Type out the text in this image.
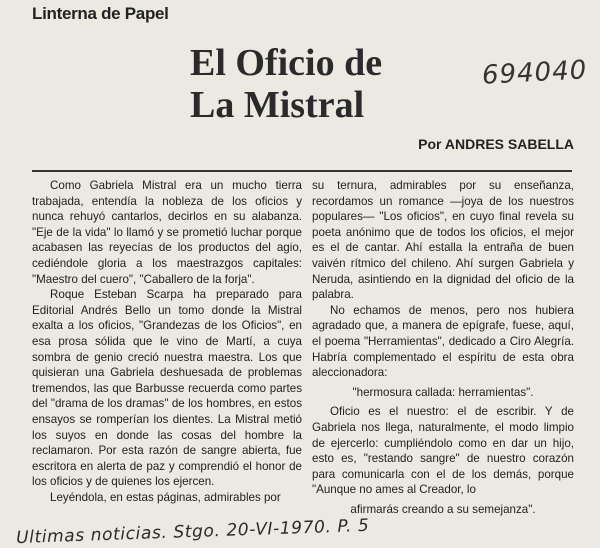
Linterna de Papel
El Oficio de
La Mistral
694040
Por ANDRES SABELLA

Como Gabriela Mistral era un mucho tierra trabajada, entendía la nobleza de los oficios y nunca rehuyó cantarlos, decirlos en su alabanza. "Eje de la vida" lo llamó y se prometió luchar porque acabasen las reyecías de los productos del agio, cediéndole gloria a los maestrazgos capitales: "Maestro del cuero", "Caballero de la forja".

Roque Esteban Scarpa ha preparado para Editorial Andrés Bello un tomo donde la Mistral exalta a los oficios, "Grandezas de los Oficios", en esa prosa sólida que le vino de Martí, a cuya sombra de genio creció nuestra maestra. Los que quisieran una Gabriela deshuesada de problemas tremendos, las que Barbusse recuerda como partes del "drama de los dramas" de los hombres, en estos ensayos se romperían los dientes. La Mistral metió los suyos en donde las cosas del hombre la reclamaron. Por esta razón de sangre abierta, fue escritora en alerta de paz y comprendió el honor de los oficios y de quienes los ejercen.

Leyéndola, en estas páginas, admirables por

su ternura, admirables por su enseñanza, recordamos un romance —joya de los nuestros populares— "Los oficios", en cuyo final revela su poeta anónimo que de todos los oficios, el mejor es el de cantar. Ahí estalla la entraña de buen vaivén rítmico del chileno. Ahí surgen Gabriela y Neruda, asintiendo en la dignidad del oficio de la palabra.

No echamos de menos, pero nos hubiera agradado que, a manera de epígrafe, fuese, aquí, el poema "Herramientas", dedicado a Ciro Alegría. Habría complementado el espíritu de esta obra aleccionadora:

"hermosura callada: herramientas".

Oficio es el nuestro: el de escribir. Y de Gabriela nos llega, naturalmente, el modo limpio de ejercerlo: cumpliéndolo como en dar un hijo, esto es, "restando sangre" de nuestro corazón para comunicarla con el de los demás, porque "Aunque no ames al Creador, lo

afirmarás creando a su semejanza".

Ultimas noticias. Stgo. 20-VI-1970. P. 5
